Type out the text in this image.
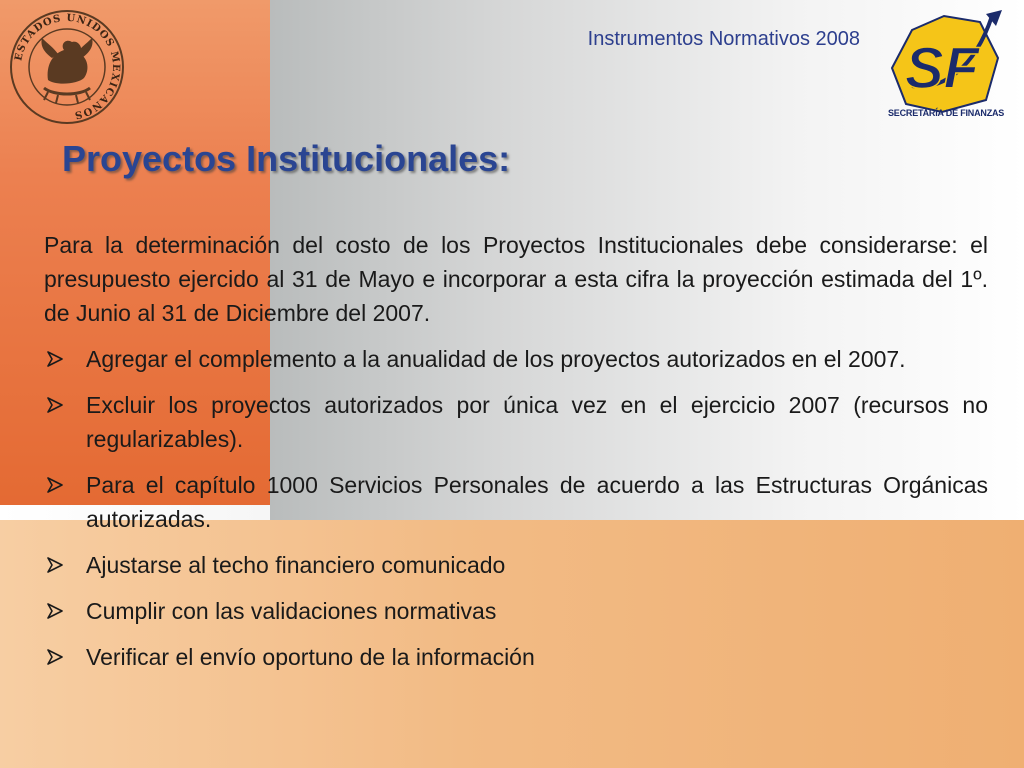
ESTADOS UNIDOS MEXICANOS
SF
SECRETARÍA DE FINANZAS
Instrumentos Normativos 2008
Proyectos Institucionales:

Para la determinación del costo de los Proyectos Institucionales debe considerarse: el presupuesto ejercido al 31 de Mayo e incorporar a esta cifra la proyección estimada del 1º. de Junio al 31 de Diciembre del 2007.

Agregar el complemento a la anualidad de los proyectos autorizados en el 2007.
Excluir los proyectos autorizados por única vez en el ejercicio 2007 (recursos no regularizables).
Para el capítulo 1000 Servicios Personales de acuerdo a las Estructuras Orgánicas autorizadas.
Ajustarse al techo financiero comunicado
Cumplir con las validaciones normativas
Verificar el envío oportuno de la información
